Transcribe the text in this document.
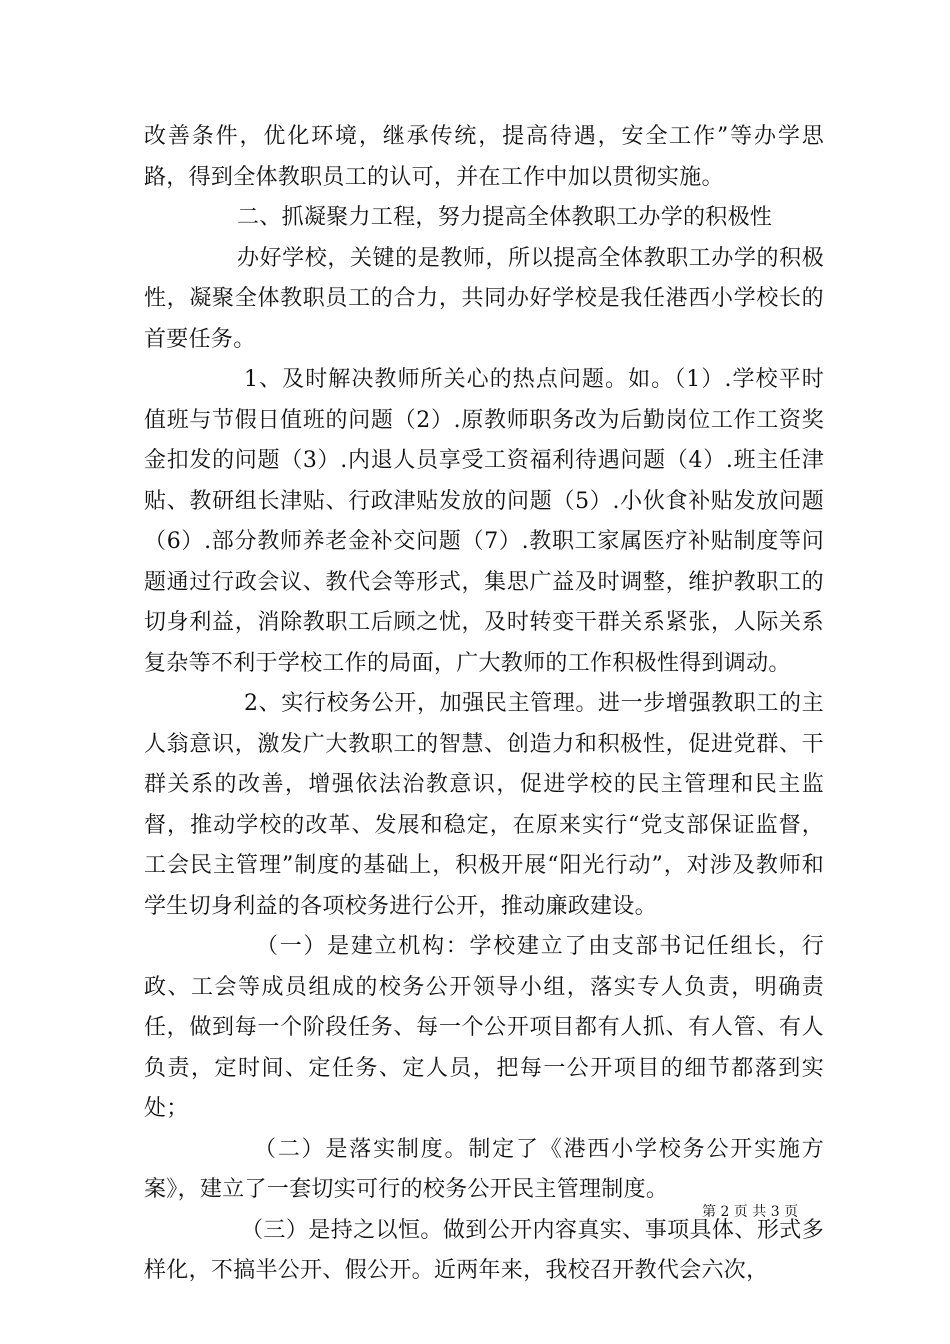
改善条件，优化环境，继承传统，提高待遇，安全工作”等办学思路，得到全体教职员工的认可，并在工作中加以贯彻实施。

二、抓凝聚力工程，努力提高全体教职工办学的积极性

办好学校，关键的是教师，所以提高全体教职工办学的积极性，凝聚全体教职员工的合力，共同办好学校是我任港西小学校长的首要任务。

1、及时解决教师所关心的热点问题。如。（1）.学校平时值班与节假日值班的问题（2）.原教师职务改为后勤岗位工作工资奖金扣发的问题（3）.内退人员享受工资福利待遇问题（4）.班主任津贴、教研组长津贴、行政津贴发放的问题（5）.小伙食补贴发放问题（6）.部分教师养老金补交问题（7）.教职工家属医疗补贴制度等问题通过行政会议、教代会等形式，集思广益及时调整，维护教职工的切身利益，消除教职工后顾之忧，及时转变干群关系紧张，人际关系复杂等不利于学校工作的局面，广大教师的工作积极性得到调动。

2、实行校务公开，加强民主管理。进一步增强教职工的主人翁意识，激发广大教职工的智慧、创造力和积极性，促进党群、干群关系的改善，增强依法治教意识，促进学校的民主管理和民主监督，推动学校的改革、发展和稳定，在原来实行“党支部保证监督，工会民主管理”制度的基础上，积极开展“阳光行动”，对涉及教师和学生切身利益的各项校务进行公开，推动廉政建设。

（一）是建立机构：学校建立了由支部书记任组长，行政、工会等成员组成的校务公开领导小组，落实专人负责，明确责任，做到每一个阶段任务、每一个公开项目都有人抓、有人管、有人负责，定时间、定任务、定人员，把每一公开项目的细节都落到实处；

（二）是落实制度。制定了《港西小学校务公开实施方案》，建立了一套切实可行的校务公开民主管理制度。

（三）是持之以恒。做到公开内容真实、事项具体、形式多样化，不搞半公开、假公开。近两年来，我校召开教代会六次，

第 2 页 共 3 页
